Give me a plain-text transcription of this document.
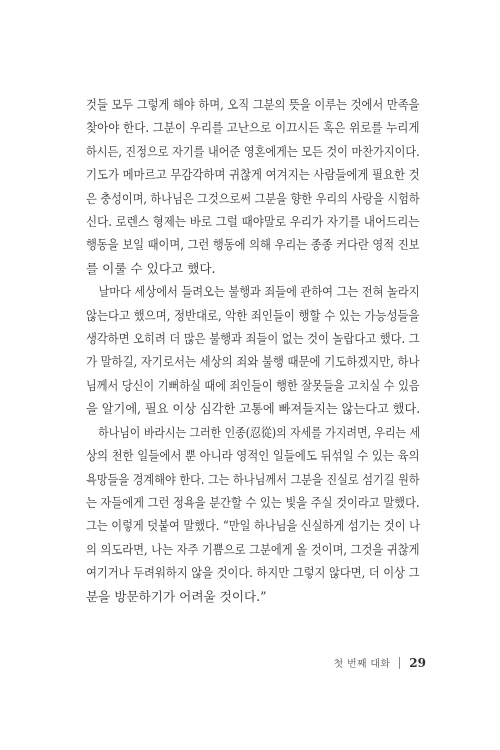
것들 모두 그렇게 해야 하며, 오직 그분의 뜻을 이루는 것에서 만족을
찾아야 한다. 그분이 우리를 고난으로 이끄시든 혹은 위로를 누리게
하시든, 진정으로 자기를 내어준 영혼에게는 모든 것이 마찬가지이다.
기도가 메마르고 무감각하며 귀찮게 여겨지는 사람들에게 필요한 것
은 충성이며, 하나님은 그것으로써 그분을 향한 우리의 사랑을 시험하
신다. 로렌스 형제는 바로 그럴 때야말로 우리가 자기를 내어드리는
행동을 보일 때이며, 그런 행동에 의해 우리는 종종 커다란 영적 진보
를 이룰 수 있다고 했다.

날마다 세상에서 들려오는 불행과 죄들에 관하여 그는 전혀 놀라지
않는다고 했으며, 정반대로, 악한 죄인들이 행할 수 있는 가능성들을
생각하면 오히려 더 많은 불행과 죄들이 없는 것이 놀랍다고 했다. 그
가 말하길, 자기로서는 세상의 죄와 불행 때문에 기도하겠지만, 하나
님께서 당신이 기뻐하실 때에 죄인들이 행한 잘못들을 고치실 수 있음
을 알기에, 필요 이상 심각한 고통에 빠져들지는 않는다고 했다.

하나님이 바라시는 그러한 인종(忍從)의 자세를 가지려면, 우리는 세
상의 천한 일들에서 뿐 아니라 영적인 일들에도 뒤섞일 수 있는 육의
욕망들을 경계해야 한다. 그는 하나님께서 그분을 진실로 섬기길 원하
는 자들에게 그런 정욕을 분간할 수 있는 빛을 주실 것이라고 말했다.
그는 이렇게 덧붙여 말했다. “만일 하나님을 신실하게 섬기는 것이 나
의 의도라면, 나는 자주 기쁨으로 그분에게 올 것이며, 그것을 귀찮게
여기거나 두려워하지 않을 것이다. 하지만 그렇지 않다면, 더 이상 그
분을 방문하기가 어려울 것이다.”

첫 번째 대화 29
